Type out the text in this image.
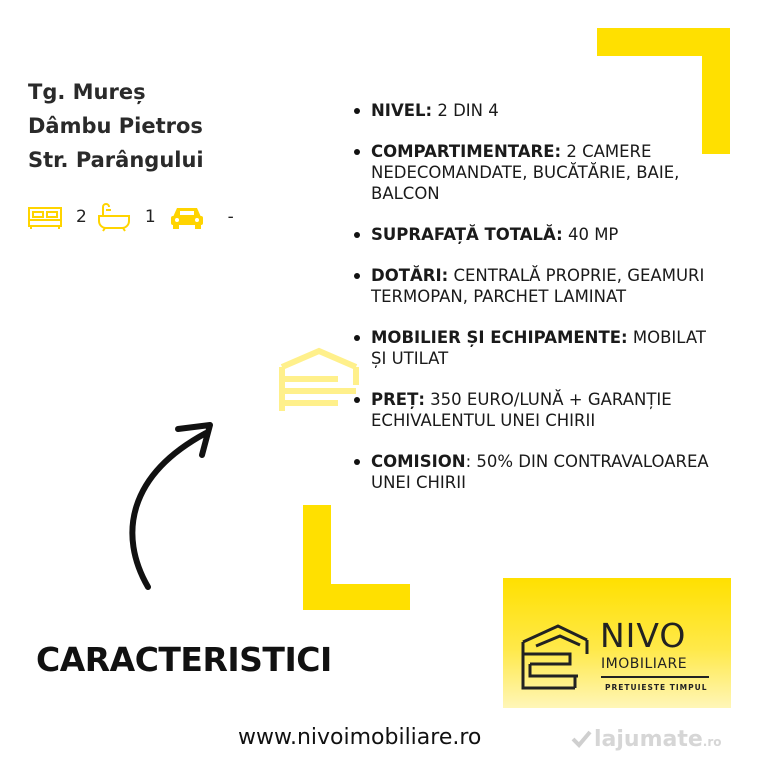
Tg. Mureș
Dâmbu Pietros
Str. Parângului
2	1	-
NIVEL: 2 DIN 4
COMPARTIMENTARE: 2 CAMERE NEDECOMANDATE, BUCĂTĂRIE, BAIE, BALCON
SUPRAFAȚĂ TOTALĂ: 40 MP
DOTĂRI: CENTRALĂ PROPRIE, GEAMURI TERMOPAN, PARCHET LAMINAT
MOBILIER ȘI ECHIPAMENTE: MOBILAT ȘI UTILAT
PREȚ: 350 EURO/LUNĂ + GARANȚIE ECHIVALENTUL UNEI CHIRII
COMISION: 50% DIN CONTRAVALOAREA UNEI CHIRII
CARACTERISTICI
NIVO
IMOBILIARE
PRETUIESTE TIMPUL
www.nivoimobiliare.ro	lajumate.ro
